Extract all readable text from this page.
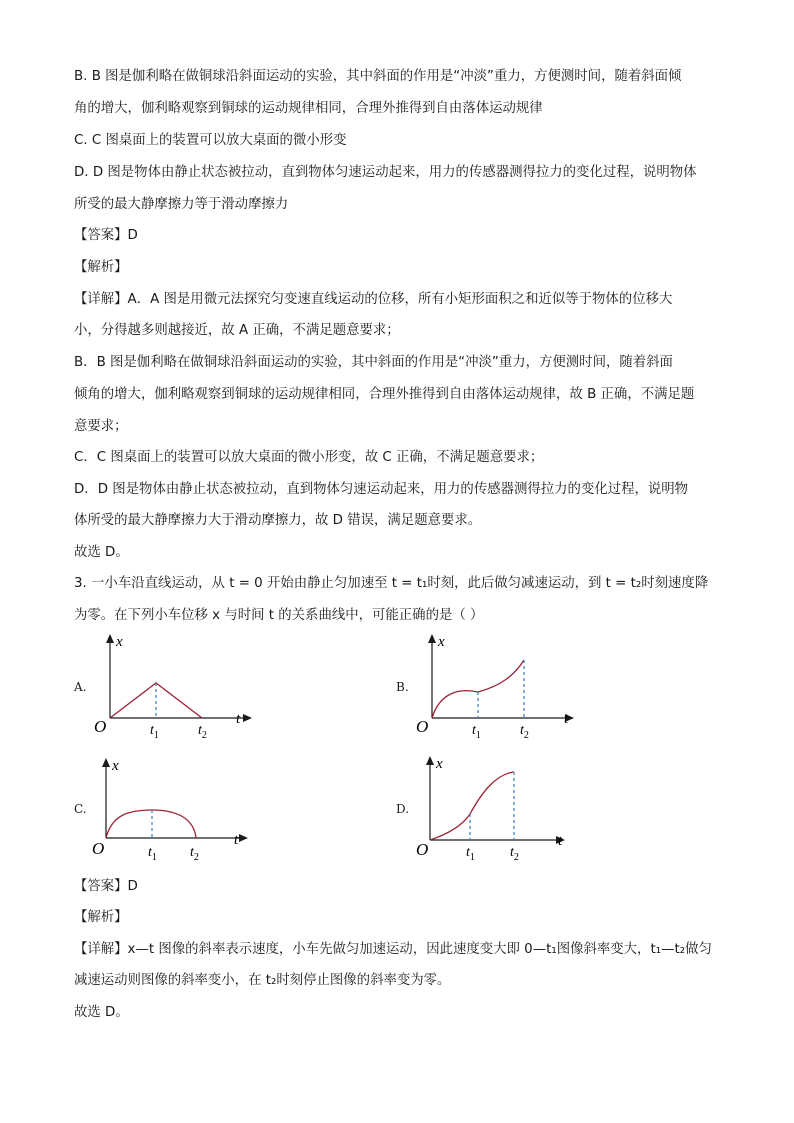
B. B 图是伽利略在做铜球沿斜面运动的实验，其中斜面的作用是“冲淡”重力，方便测时间，随着斜面倾
角的增大，伽利略观察到铜球的运动规律相同，合理外推得到自由落体运动规律
C. C 图桌面上的装置可以放大桌面的微小形变
D. D 图是物体由静止状态被拉动，直到物体匀速运动起来，用力的传感器测得拉力的变化过程，说明物体
所受的最大静摩擦力等于滑动摩擦力
【答案】D
【解析】
【详解】A．A 图是用微元法探究匀变速直线运动的位移，所有小矩形面积之和近似等于物体的位移大
小，分得越多则越接近，故 A 正确，不满足题意要求；
B．B 图是伽利略在做铜球沿斜面运动的实验，其中斜面的作用是“冲淡”重力，方便测时间，随着斜面
倾角的增大，伽利略观察到铜球的运动规律相同，合理外推得到自由落体运动规律，故 B 正确，不满足题
意要求；
C．C 图桌面上的装置可以放大桌面的微小形变，故 C 正确，不满足题意要求；
D．D 图是物体由静止状态被拉动，直到物体匀速运动起来，用力的传感器测得拉力的变化过程，说明物
体所受的最大静摩擦力大于滑动摩擦力，故 D 错误，满足题意要求。
故选 D。
3. 一小车沿直线运动，从 t = 0 开始由静止匀加速至 t = t₁时刻，此后做匀减速运动，到 t = t₂时刻速度降
为零。在下列小车位移 x 与时间 t 的关系曲线中，可能正确的是（ ）
A.	B.
C.	D.
x
t
O	$t_1$	$t_2$
x
t
O	$t_1$	$t_2$
x
t
O	$t_1$ $t_2$
x
t
O	$t_1$	$t_2$
【答案】D
【解析】
【详解】x—t 图像的斜率表示速度，小车先做匀加速运动，因此速度变大即 0—t₁图像斜率变大，t₁—t₂做匀
减速运动则图像的斜率变小，在 t₂时刻停止图像的斜率变为零。
故选 D。
